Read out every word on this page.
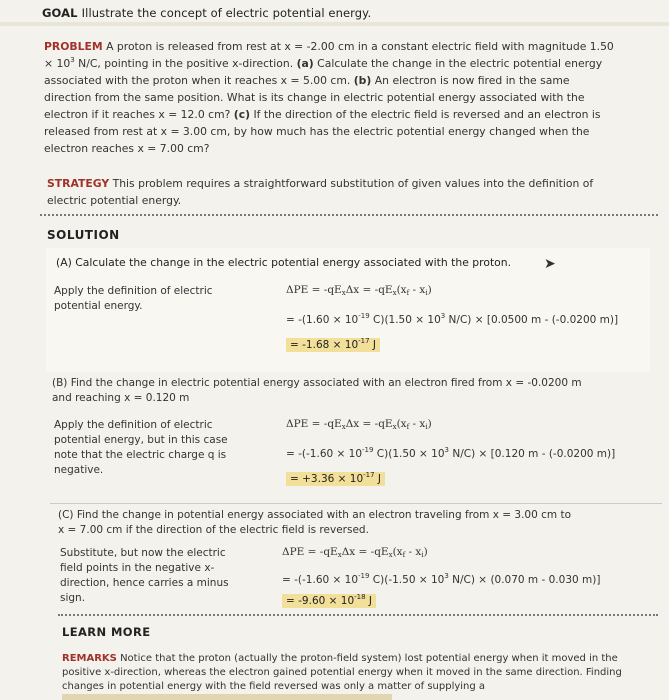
GOAL Illustrate the concept of electric potential energy.
PROBLEM A proton is released from rest at x = -2.00 cm in a constant electric field with magnitude $1.50 \times 10^3$ N/C, pointing in the positive x-direction. (a) Calculate the change in the electric potential energy associated with the proton when it reaches x = 5.00 cm. (b) An electron is now fired in the same direction from the same position. What is its change in electric potential energy associated with the electron if it reaches x = 12.0 cm? (c) If the direction of the electric field is reversed and an electron is released from rest at x = 3.00 cm, by how much has the electric potential energy changed when the electron reaches x = 7.00 cm?
STRATEGY This problem requires a straightforward substitution of given values into the definition of electric potential energy.
SOLUTION
(A) Calculate the change in the electric potential energy associated with the proton. ➤
Apply the definition of electric potential energy.
$\Delta PE = -qE_x\Delta x = -qE_x(x_f - x_i)$
= $-(1.60 \times 10^{-19}$ $C)(1.50 \times 10^3$ N/C) × [0.0500 m - (-0.0200 m)]
= $-1.68 \times 10^{-17}$ J
(B) Find the change in electric potential energy associated with an electron fired from x = -0.0200 m
and reaching x = 0.120 m
Apply the definition of electric potential energy, but in this case note that the electric charge q is negative.
$\Delta PE = -qE_x\Delta x = -qE_x(x_f - x_i)$
= $-(-1.60 \times 10^{-19}$ $C)(1.50 \times 10^3$ N/C) × [0.120 m - (-0.0200 m)]
= $+3.36 \times 10^{-17}$ J
(C) Find the change in potential energy associated with an electron traveling from x = 3.00 cm to
x = 7.00 cm if the direction of the electric field is reversed.
Substitute, but now the electric field points in the negative x-direction, hence carries a minus sign.
$\Delta PE = -qE_x\Delta x = -qE_x(x_f - x_i)$
= $-(-1.60 \times 10^{-19}$ $C)(-1.50 \times 10^3$ N/C) × (0.070 m - 0.030 m)]
= $-9.60 \times 10^{-18}$ J
LEARN MORE
REMARKS Notice that the proton (actually the proton-field system) lost potential energy when it moved in the positive x-direction, whereas the electron gained potential energy when it moved in the same direction. Finding changes in potential energy with the field reversed was only a matter of supplying a
